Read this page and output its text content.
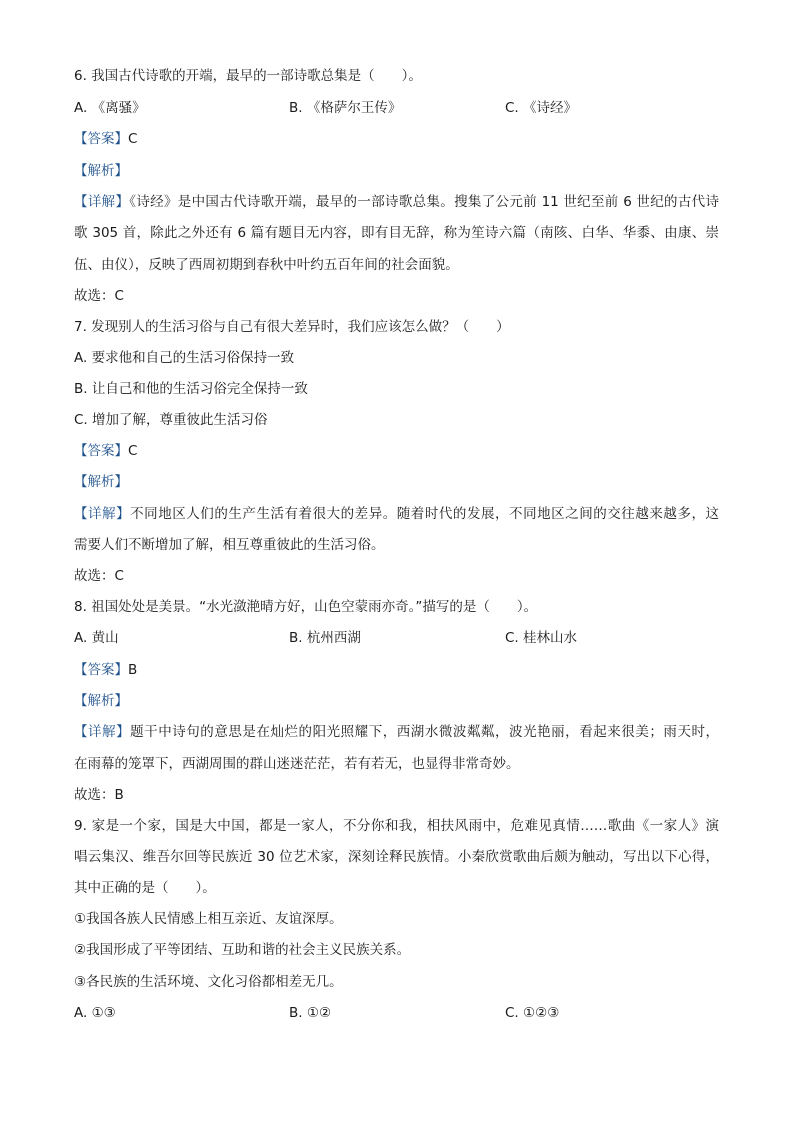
6. 我国古代诗歌的开端，最早的一部诗歌总集是（　　）。
A. 《离骚》	B. 《格萨尔王传》	C. 《诗经》
【答案】C
【解析】
【详解】《诗经》是中国古代诗歌开端，最早的一部诗歌总集。搜集了公元前 11 世纪至前 6 世纪的古代诗
歌 305 首，除此之外还有 6 篇有题目无内容，即有目无辞，称为笙诗六篇（南陔、白华、华黍、由康、崇
伍、由仪），反映了西周初期到春秋中叶约五百年间的社会面貌。
故选：C
7. 发现别人的生活习俗与自己有很大差异时，我们应该怎么做？（　　）
A. 要求他和自己的生活习俗保持一致
B. 让自己和他的生活习俗完全保持一致
C. 增加了解，尊重彼此生活习俗
【答案】C
【解析】
【详解】不同地区人们的生产生活有着很大的差异。随着时代的发展，不同地区之间的交往越来越多，这
需要人们不断增加了解，相互尊重彼此的生活习俗。
故选：C
8. 祖国处处是美景。“水光潋滟晴方好，山色空蒙雨亦奇。”描写的是（　　）。
A. 黄山	B. 杭州西湖	C. 桂林山水
【答案】B
【解析】
【详解】题干中诗句的意思是在灿烂的阳光照耀下，西湖水微波粼粼，波光艳丽，看起来很美；雨天时，
在雨幕的笼罩下，西湖周围的群山迷迷茫茫，若有若无，也显得非常奇妙。
故选：B
9. 家是一个家，国是大中国，都是一家人，不分你和我，相扶风雨中，危难见真情……歌曲《一家人》演
唱云集汉、维吾尔回等民族近 30 位艺术家，深刻诠释民族情。小秦欣赏歌曲后颇为触动，写出以下心得，
其中正确的是（　　）。
①我国各族人民情感上相互亲近、友谊深厚。
②我国形成了平等团结、互助和谐的社会主义民族关系。
③各民族的生活环境、文化习俗都相差无几。
A. ①③	B. ①②	C. ①②③
